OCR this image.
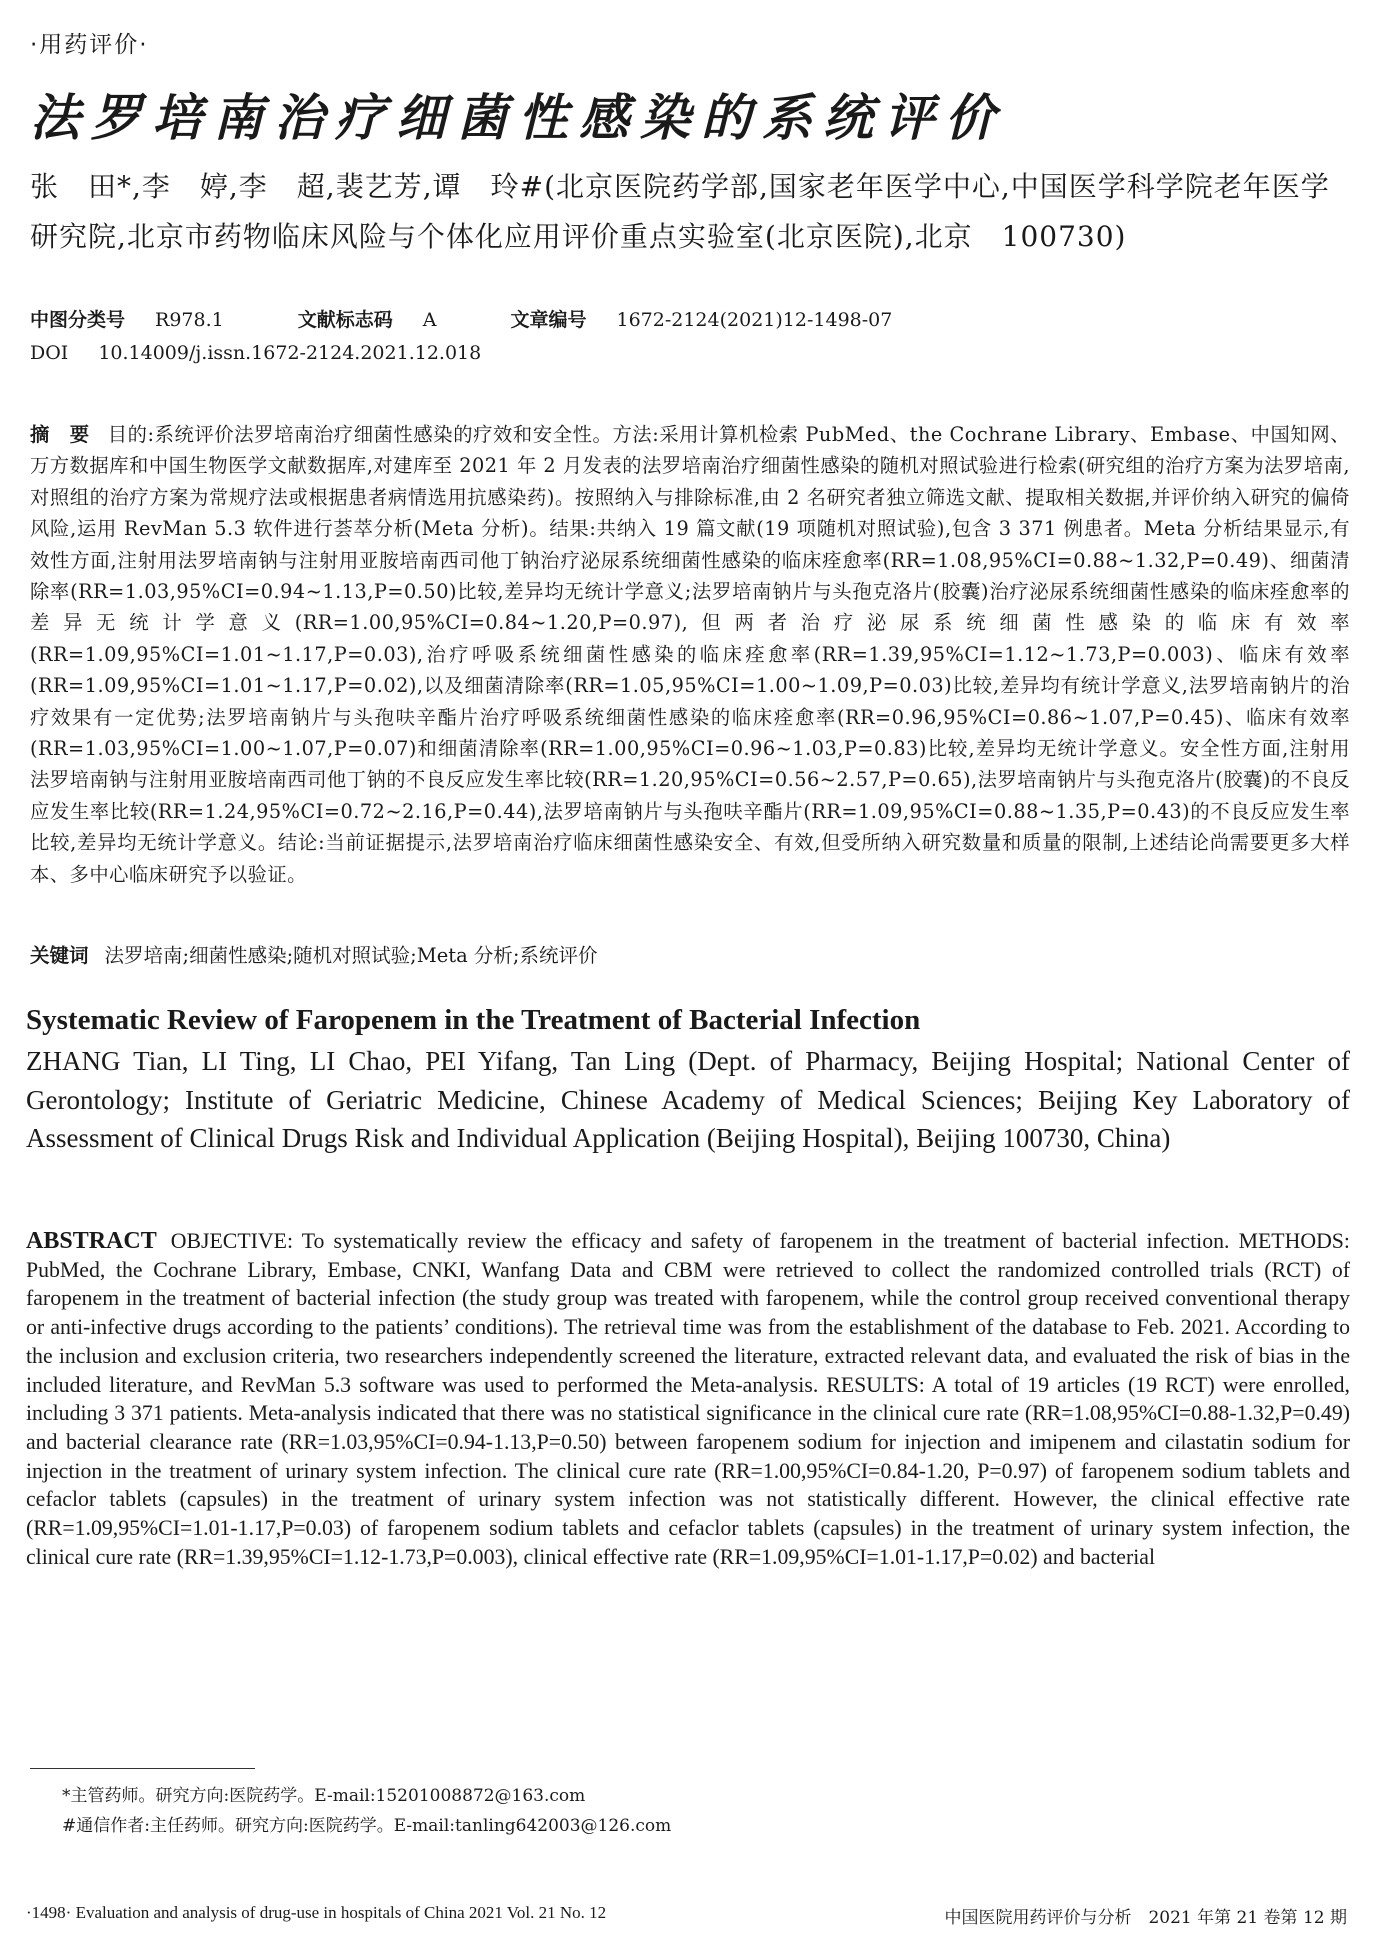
·用药评价·
法罗培南治疗细菌性感染的系统评价
张　田*,李　婷,李　超,裴艺芳,谭　玲#(北京医院药学部,国家老年医学中心,中国医学科学院老年医学研究院,北京市药物临床风险与个体化应用评价重点实验室(北京医院),北京　100730)
中图分类号 R978.1	文献标志码 A	文章编号 1672-2124(2021)12-1498-07
DOI 10.14009/j.issn.1672-2124.2021.12.018
摘　要 目的:系统评价法罗培南治疗细菌性感染的疗效和安全性。方法:采用计算机检索 PubMed、the Cochrane Library、Embase、中国知网、万方数据库和中国生物医学文献数据库,对建库至 2021 年 2 月发表的法罗培南治疗细菌性感染的随机对照试验进行检索(研究组的治疗方案为法罗培南,对照组的治疗方案为常规疗法或根据患者病情选用抗感染药)。按照纳入与排除标准,由 2 名研究者独立筛选文献、提取相关数据,并评价纳入研究的偏倚风险,运用 RevMan 5.3 软件进行荟萃分析(Meta 分析)。结果:共纳入 19 篇文献(19 项随机对照试验),包含 3 371 例患者。Meta 分析结果显示,有效性方面,注射用法罗培南钠与注射用亚胺培南西司他丁钠治疗泌尿系统细菌性感染的临床痊愈率(RR=1.08,95%CI=0.88~1.32,P=0.49)、细菌清除率(RR=1.03,95%CI=0.94~1.13,P=0.50)比较,差异均无统计学意义;法罗培南钠片与头孢克洛片(胶囊)治疗泌尿系统细菌性感染的临床痊愈率的差异无统计学意义(RR=1.00,95%CI=0.84~1.20,P=0.97),但两者治疗泌尿系统细菌性感染的临床有效率(RR=1.09,95%CI=1.01~1.17,P=0.03),治疗呼吸系统细菌性感染的临床痊愈率(RR=1.39,95%CI=1.12~1.73,P=0.003)、临床有效率(RR=1.09,95%CI=1.01~1.17,P=0.02),以及细菌清除率(RR=1.05,95%CI=1.00~1.09,P=0.03)比较,差异均有统计学意义,法罗培南钠片的治疗效果有一定优势;法罗培南钠片与头孢呋辛酯片治疗呼吸系统细菌性感染的临床痊愈率(RR=0.96,95%CI=0.86~1.07,P=0.45)、临床有效率(RR=1.03,95%CI=1.00~1.07,P=0.07)和细菌清除率(RR=1.00,95%CI=0.96~1.03,P=0.83)比较,差异均无统计学意义。安全性方面,注射用法罗培南钠与注射用亚胺培南西司他丁钠的不良反应发生率比较(RR=1.20,95%CI=0.56~2.57,P=0.65),法罗培南钠片与头孢克洛片(胶囊)的不良反应发生率比较(RR=1.24,95%CI=0.72~2.16,P=0.44),法罗培南钠片与头孢呋辛酯片(RR=1.09,95%CI=0.88~1.35,P=0.43)的不良反应发生率比较,差异均无统计学意义。结论:当前证据提示,法罗培南治疗临床细菌性感染安全、有效,但受所纳入研究数量和质量的限制,上述结论尚需要更多大样本、多中心临床研究予以验证。
关键词 法罗培南;细菌性感染;随机对照试验;Meta 分析;系统评价
Systematic Review of Faropenem in the Treatment of Bacterial Infection
ZHANG Tian, LI Ting, LI Chao, PEI Yifang, Tan Ling (Dept. of Pharmacy, Beijing Hospital; National Center of Gerontology; Institute of Geriatric Medicine, Chinese Academy of Medical Sciences; Beijing Key Laboratory of Assessment of Clinical Drugs Risk and Individual Application (Beijing Hospital), Beijing 100730, China)
ABSTRACT OBJECTIVE: To systematically review the efficacy and safety of faropenem in the treatment of bacterial infection. METHODS: PubMed, the Cochrane Library, Embase, CNKI, Wanfang Data and CBM were retrieved to collect the randomized controlled trials (RCT) of faropenem in the treatment of bacterial infection (the study group was treated with faropenem, while the control group received conventional therapy or anti-infective drugs according to the patients’ conditions). The retrieval time was from the establishment of the database to Feb. 2021. According to the inclusion and exclusion criteria, two researchers independently screened the literature, extracted relevant data, and evaluated the risk of bias in the included literature, and RevMan 5.3 software was used to performed the Meta-analysis. RESULTS: A total of 19 articles (19 RCT) were enrolled, including 3 371 patients. Meta-analysis indicated that there was no statistical significance in the clinical cure rate (RR=1.08,95%CI=0.88-1.32,P=0.49) and bacterial clearance rate (RR=1.03,95%CI=0.94-1.13,P=0.50) between faropenem sodium for injection and imipenem and cilastatin sodium for injection in the treatment of urinary system infection. The clinical cure rate (RR=1.00,95%CI=0.84-1.20, P=0.97) of faropenem sodium tablets and cefaclor tablets (capsules) in the treatment of urinary system infection was not statistically different. However, the clinical effective rate (RR=1.09,95%CI=1.01-1.17,P=0.03) of faropenem sodium tablets and cefaclor tablets (capsules) in the treatment of urinary system infection, the clinical cure rate (RR=1.39,95%CI=1.12-1.73,P=0.003), clinical effective rate (RR=1.09,95%CI=1.01-1.17,P=0.02) and bacterial
*主管药师。研究方向:医院药学。E-mail:15201008872@163.com
#通信作者:主任药师。研究方向:医院药学。E-mail:tanling642003@126.com
·1498· Evaluation and analysis of drug-use in hospitals of China 2021 Vol. 21 No. 12	中国医院用药评价与分析　2021 年第 21 卷第 12 期
